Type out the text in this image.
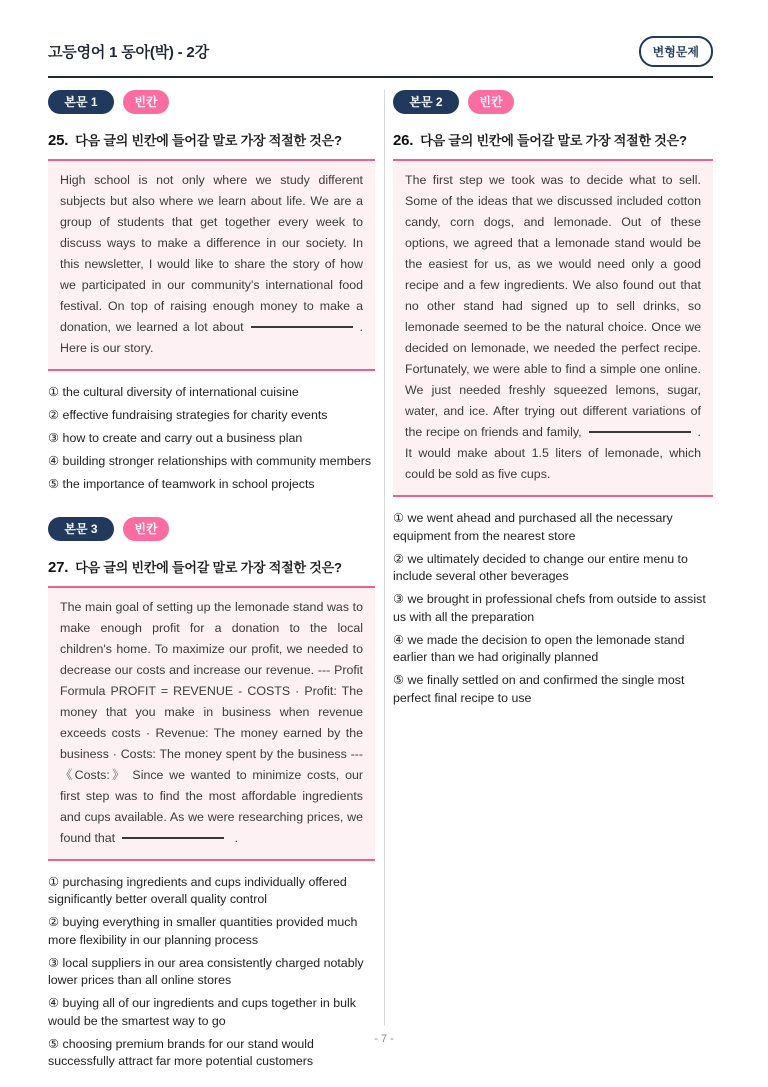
고등영어 1 동아(박) - 2강	변형문제
본문 1	빈칸
25. 다음 글의 빈칸에 들어갈 말로 가장 적절한 것은?

High school is not only where we study different subjects but also where we learn about life. We are a group of students that get together every week to discuss ways to make a difference in our society. In this newsletter, I would like to share the story of how we participated in our community's international food festival. On top of raising enough money to make a donation, we learned a lot about	. Here is our story.

① the cultural diversity of international cuisine
② effective fundraising strategies for charity events
③ how to create and carry out a business plan
④ building stronger relationships with community members
⑤ the importance of teamwork in school projects
본문 3	빈칸
27. 다음 글의 빈칸에 들어갈 말로 가장 적절한 것은?

The main goal of setting up the lemonade stand was to make enough profit for a donation to the local children's home. To maximize our profit, we needed to decrease our costs and increase our revenue. --- Profit Formula PROFIT = REVENUE - COSTS · Profit: The money that you make in business when revenue exceeds costs · Revenue: The money earned by the business · Costs: The money spent by the business --- 《Costs:》 Since we wanted to minimize costs, our first step was to find the most affordable ingredients and cups available. As we were researching prices, we found that	.

① purchasing ingredients and cups individually offered significantly better overall quality control
② buying everything in smaller quantities provided much more flexibility in our planning process
③ local suppliers in our area consistently charged notably lower prices than all online stores
④ buying all of our ingredients and cups together in bulk would be the smartest way to go
⑤ choosing premium brands for our stand would successfully attract far more potential customers
본문 2	빈칸
26. 다음 글의 빈칸에 들어갈 말로 가장 적절한 것은?

The first step we took was to decide what to sell. Some of the ideas that we discussed included cotton candy, corn dogs, and lemonade. Out of these options, we agreed that a lemonade stand would be the easiest for us, as we would need only a good recipe and a few ingredients. We also found out that no other stand had signed up to sell drinks, so lemonade seemed to be the natural choice. Once we decided on lemonade, we needed the perfect recipe. Fortunately, we were able to find a simple one online. We just needed freshly squeezed lemons, sugar, water, and ice. After trying out different variations of the recipe on friends and family,	. It would make about 1.5 liters of lemonade, which could be sold as five cups.

① we went ahead and purchased all the necessary equipment from the nearest store
② we ultimately decided to change our entire menu to include several other beverages
③ we brought in professional chefs from outside to assist us with all the preparation
④ we made the decision to open the lemonade stand earlier than we had originally planned
⑤ we finally settled on and confirmed the single most perfect final recipe to use
- 7 -
